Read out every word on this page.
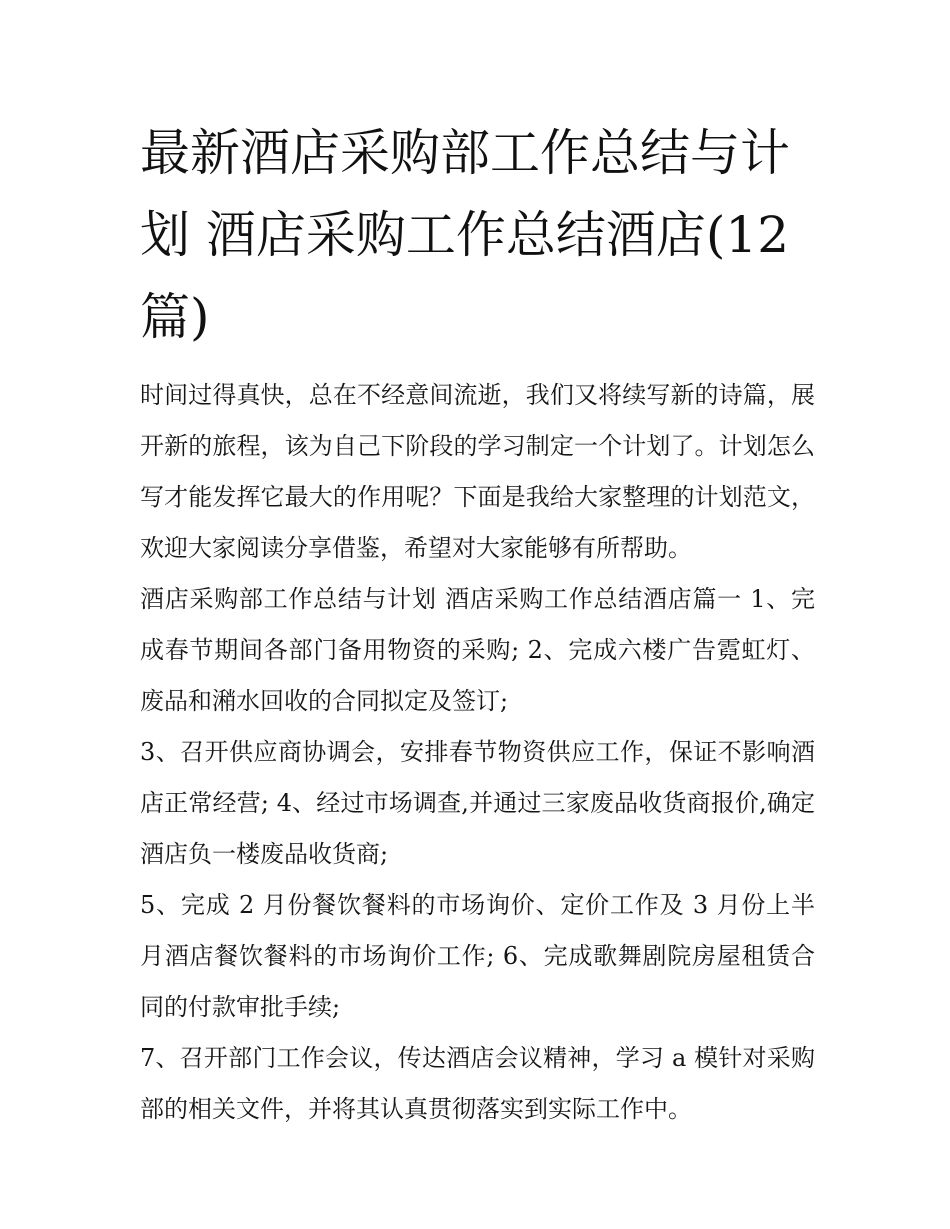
最新酒店采购部工作总结与计划 酒店采购工作总结酒店(12篇)

时间过得真快，总在不经意间流逝，我们又将续写新的诗篇，展开新的旅程，该为自己下阶段的学习制定一个计划了。计划怎么写才能发挥它最大的作用呢？下面是我给大家整理的计划范文，欢迎大家阅读分享借鉴，希望对大家能够有所帮助。

酒店采购部工作总结与计划 酒店采购工作总结酒店篇一 1、完成春节期间各部门备用物资的采购; 2、完成六楼广告霓虹灯、废品和潲水回收的合同拟定及签订;

3、召开供应商协调会，安排春节物资供应工作，保证不影响酒店正常经营; 4、经过市场调查,并通过三家废品收货商报价,确定酒店负一楼废品收货商;

5、完成 2 月份餐饮餐料的市场询价、定价工作及 3 月份上半月酒店餐饮餐料的市场询价工作; 6、完成歌舞剧院房屋租赁合同的付款审批手续;

7、召开部门工作会议，传达酒店会议精神，学习 a 模针对采购部的相关文件，并将其认真贯彻落实到实际工作中。
